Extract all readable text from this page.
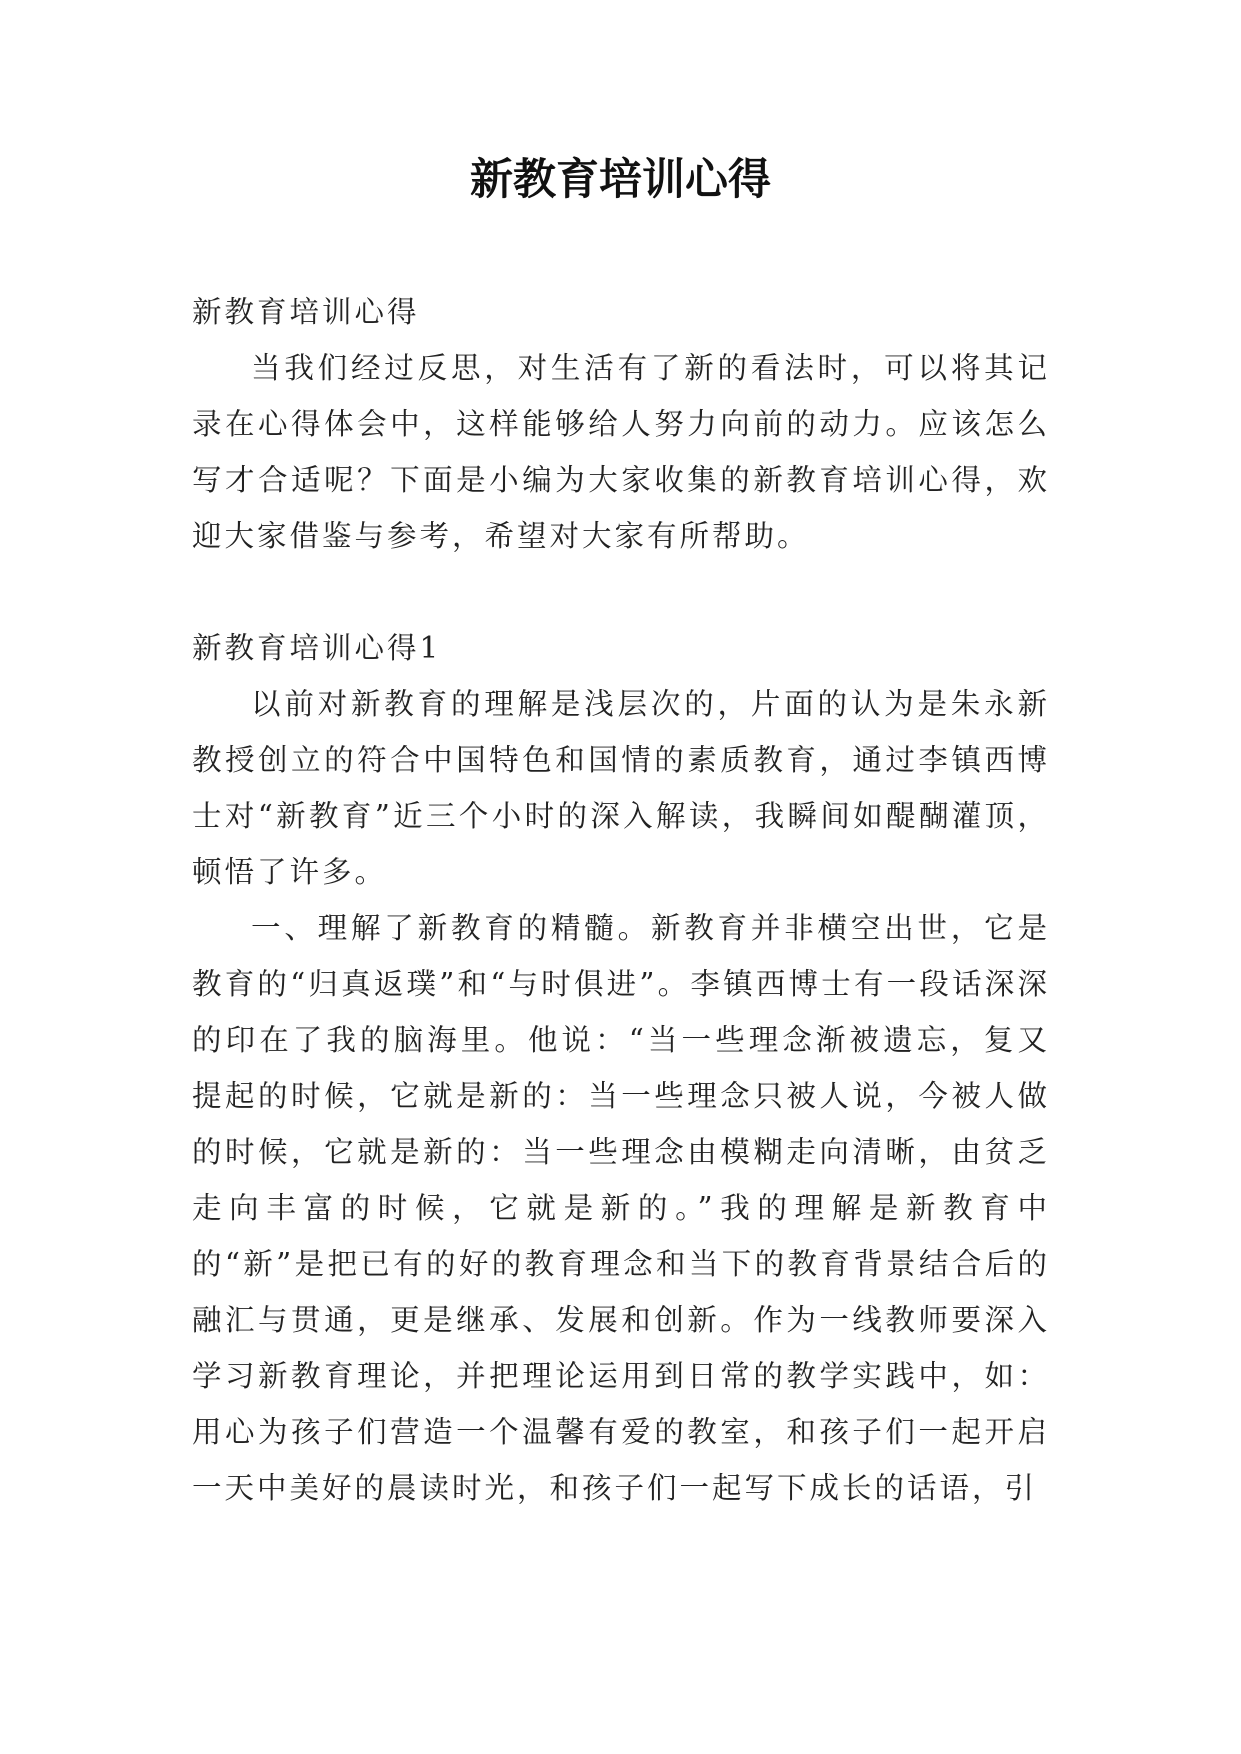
新教育培训心得

新教育培训心得

当我们经过反思，对生活有了新的看法时，可以将其记录在心得体会中，这样能够给人努力向前的动力。应该怎么写才合适呢？下面是小编为大家收集的新教育培训心得，欢迎大家借鉴与参考，希望对大家有所帮助。

新教育培训心得1

以前对新教育的理解是浅层次的，片面的认为是朱永新教授创立的符合中国特色和国情的素质教育，通过李镇西博士对“新教育”近三个小时的深入解读，我瞬间如醍醐灌顶，顿悟了许多。

一、理解了新教育的精髓。新教育并非横空出世，它是教育的“归真返璞”和“与时俱进”。李镇西博士有一段话深深的印在了我的脑海里。他说：“当一些理念渐被遗忘，复又提起的时候，它就是新的：当一些理念只被人说，今被人做的时候，它就是新的：当一些理念由模糊走向清晰，由贫乏走向丰富的时候，它就是新的。”我的理解是新教育中的“新”是把已有的好的教育理念和当下的教育背景结合后的融汇与贯通，更是继承、发展和创新。作为一线教师要深入学习新教育理论，并把理论运用到日常的教学实践中，如：用心为孩子们营造一个温馨有爱的教室，和孩子们一起开启一天中美好的晨读时光，和孩子们一起写下成长的话语，引
